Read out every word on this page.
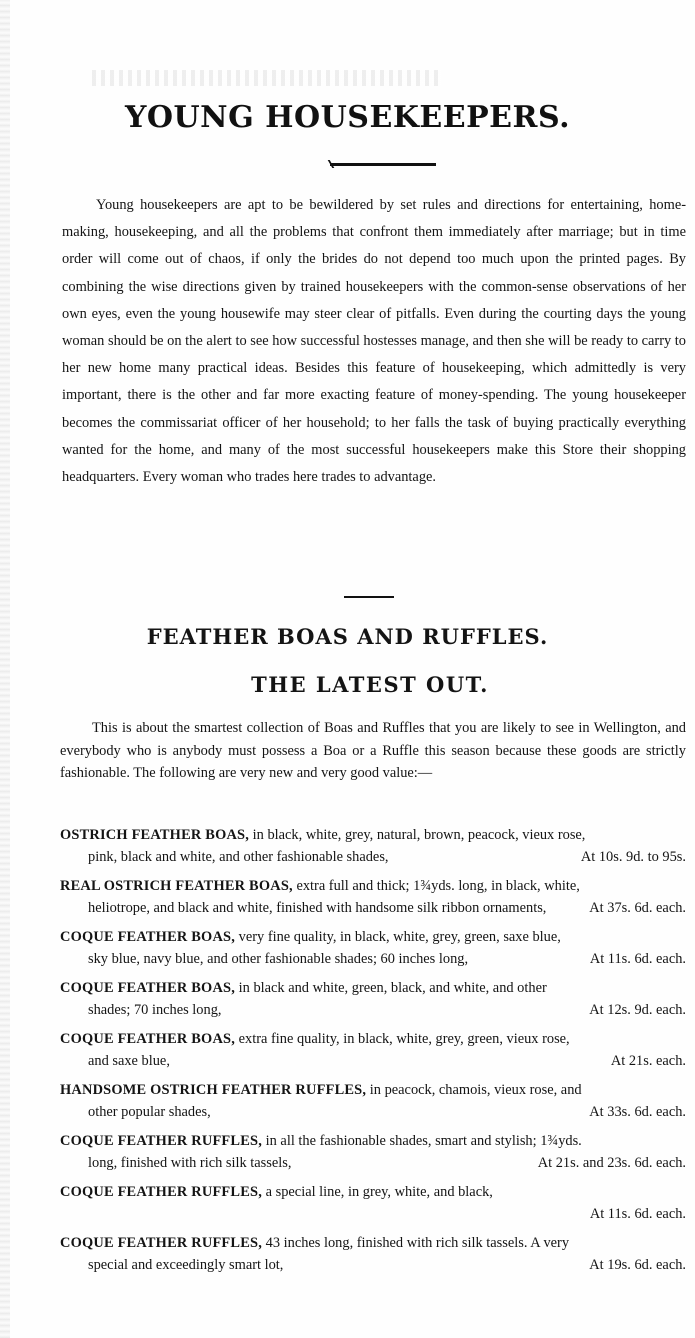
YOUNG HOUSEKEEPERS.

Young housekeepers are apt to be bewildered by set rules and directions for entertaining, home-making, housekeeping, and all the problems that confront them immediately after marriage; but in time order will come out of chaos, if only the brides do not depend too much upon the printed pages. By combining the wise directions given by trained housekeepers with the common-sense observations of her own eyes, even the young housewife may steer clear of pitfalls. Even during the courting days the young woman should be on the alert to see how successful hostesses manage, and then she will be ready to carry to her new home many practical ideas. Besides this feature of housekeeping, which admittedly is very important, there is the other and far more exacting feature of money-spending. The young housekeeper becomes the commissariat officer of her household; to her falls the task of buying practically everything wanted for the home, and many of the most successful housekeepers make this Store their shopping headquarters. Every woman who trades here trades to advantage.

FEATHER BOAS AND RUFFLES.
THE LATEST OUT.

This is about the smartest collection of Boas and Ruffles that you are likely to see in Wellington, and everybody who is anybody must possess a Boa or a Ruffle this season because these goods are strictly fashionable. The following are very new and very good value:—

OSTRICH FEATHER BOAS, in black, white, grey, natural, brown, peacock, vieux rose,
pink, black and white, and other fashionable shades,	At 10s. 9d. to 95s.
REAL OSTRICH FEATHER BOAS, extra full and thick; 1¾yds. long, in black, white,
heliotrope, and black and white, finished with handsome silk ribbon ornaments,	At 37s. 6d. each.
COQUE FEATHER BOAS, very fine quality, in black, white, grey, green, saxe blue,
sky blue, navy blue, and other fashionable shades; 60 inches long,	At 11s. 6d. each.
COQUE FEATHER BOAS, in black and white, green, black, and white, and other
shades; 70 inches long,	At 12s. 9d. each.
COQUE FEATHER BOAS, extra fine quality, in black, white, grey, green, vieux rose,
and saxe blue,	At 21s. each.
HANDSOME OSTRICH FEATHER RUFFLES, in peacock, chamois, vieux rose, and
other popular shades,	At 33s. 6d. each.
COQUE FEATHER RUFFLES, in all the fashionable shades, smart and stylish; 1¾yds.
long, finished with rich silk tassels,	At 21s. and 23s. 6d. each.
COQUE FEATHER RUFFLES, a special line, in grey, white, and black,
At 11s. 6d. each.
COQUE FEATHER RUFFLES, 43 inches long, finished with rich silk tassels. A very
special and exceedingly smart lot,	At 19s. 6d. each.
